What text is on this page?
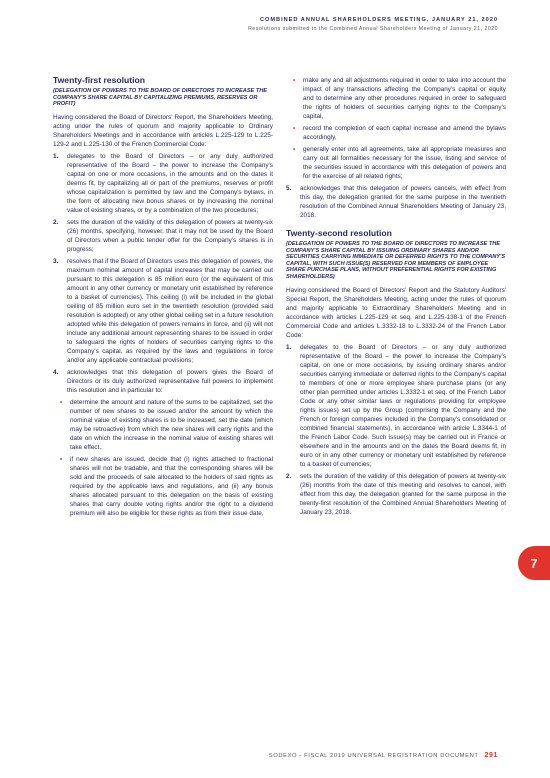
COMBINED ANNUAL SHAREHOLDERS MEETING, JANUARY 21, 2020
Resolutions submitted to the Combined Annual Shareholders Meeting of January 21, 2020
Twenty-first resolution
(DELEGATION OF POWERS TO THE BOARD OF DIRECTORS TO INCREASE THE COMPANY'S SHARE CAPITAL BY CAPITALIZING PREMIUMS, RESERVES OR PROFIT)

Having considered the Board of Directors' Report, the Shareholders Meeting, acting under the rules of quorum and majority applicable to Ordinary Shareholders Meetings and in accordance with articles L.225-129 to L.225-129-2 and L.225-130 of the French Commercial Code:

1.	delegates to the Board of Directors – or any duly authorized representative of the Board – the power to increase the Company's capital on one or more occasions, in the amounts and on the dates it deems fit, by capitalizing all or part of the premiums, reserves or profit whose capitalization is permitted by law and the Company's bylaws, in the form of allocating new bonus shares or by increasing the nominal value of existing shares, or by a combination of the two procedures;
2.	sets the duration of the validity of this delegation of powers at twenty-six (26) months, specifying, however, that it may not be used by the Board of Directors when a public tender offer for the Company's shares is in progress;
3.	resolves that if the Board of Directors uses this delegation of powers, the maximum nominal amount of capital increases that may be carried out pursuant to this delegation is 85 million euro (or the equivalent of this amount in any other currency or monetary unit established by reference to a basket of currencies). This ceiling (i) will be included in the global ceiling of 85 million euro set in the twentieth resolution (provided said resolution is adopted) or any other global ceiling set in a future resolution adopted while this delegation of powers remains in force, and (ii) will not include any additional amount representing shares to be issued in order to safeguard the rights of holders of securities carrying rights to the Company's capital, as required by the laws and regulations in force and/or any applicable contractual provisions;
4.	acknowledges that this delegation of powers gives the Board of Directors or its duly authorized representative full powers to implement this resolution and in particular to:
•	determine the amount and nature of the sums to be capitalized, set the number of new shares to be issued and/or the amount by which the nominal value of existing shares is to be increased, set the date (which may be retroactive) from which the new shares will carry rights and the date on which the increase in the nominal value of existing shares will take effect,
•	if new shares are issued, decide that (i) rights attached to fractional shares will not be tradable, and that the corresponding shares will be sold and the proceeds of sale allocated to the holders of said rights as required by the applicable laws and regulations, and (ii) any bonus shares allocated pursuant to this delegation on the basis of existing shares that carry double voting rights and/or the right to a dividend premium will also be eligible for these rights as from their issue date,
•	make any and all adjustments required in order to take into account the impact of any transactions affecting the Company's capital or equity and to determine any other procedures required in order to safeguard the rights of holders of securities carrying rights to the Company's capital,
•	record the completion of each capital increase and amend the bylaws accordingly,
•	generally enter into all agreements, take all appropriate measures and carry out all formalities necessary for the issue, listing and service of the securities issued in accordance with this delegation of powers and for the exercise of all related rights;
5.	acknowledges that this delegation of powers cancels, with effect from this day, the delegation granted for the same purpose in the twentieth resolution of the Combined Annual Shareholders Meeting of January 23, 2018.
Twenty-second resolution
(DELEGATION OF POWERS TO THE BOARD OF DIRECTORS TO INCREASE THE COMPANY'S SHARE CAPITAL BY ISSUING ORDINARY SHARES AND/OR SECURITIES CARRYING IMMEDIATE OR DEFERRED RIGHTS TO THE COMPANY'S CAPITAL, WITH SUCH ISSUE(S) RESERVED FOR MEMBERS OF EMPLOYEE SHARE PURCHASE PLANS, WITHOUT PREFERENTIAL RIGHTS FOR EXISTING SHAREHOLDERS)

Having considered the Board of Directors' Report and the Statutory Auditors' Special Report, the Shareholders Meeting, acting under the rules of quorum and majority applicable to Extraordinary Shareholders Meeting and in accordance with articles L.225-129 et seq. and L.225-138-1 of the French Commercial Code and articles L.3332-18 to L.3332-24 of the French Labor Code:

1.	delegates to the Board of Directors – or any duly authorized representative of the Board – the power to increase the Company's capital, on one or more occasions, by issuing ordinary shares and/or securities carrying immediate or deferred rights to the Company's capital to members of one or more employee share purchase plans (or any other plan permitted under articles L.3332-1 et seq. of the French Labor Code or any other similar laws or regulations providing for employee rights issues) set up by the Group (comprising the Company and the French or foreign companies included in the Company's consolidated or combined financial statements), in accordance with article L.3344-1 of the French Labor Code. Such issue(s) may be carried out in France or elsewhere and in the amounts and on the dates the Board deems fit, in euro or in any other currency or monetary unit established by reference to a basket of currencies;
2.	sets the duration of the validity of this delegation of powers at twenty-six (26) months from the date of this meeting and resolves to cancel, with effect from this day, the delegation granted for the same purpose in the twenty-first resolution of the Combined Annual Shareholders Meeting of January 23, 2018.
7
SODEXO - FISCAL 2019 UNIVERSAL REGISTRATION DOCUMENT 291
